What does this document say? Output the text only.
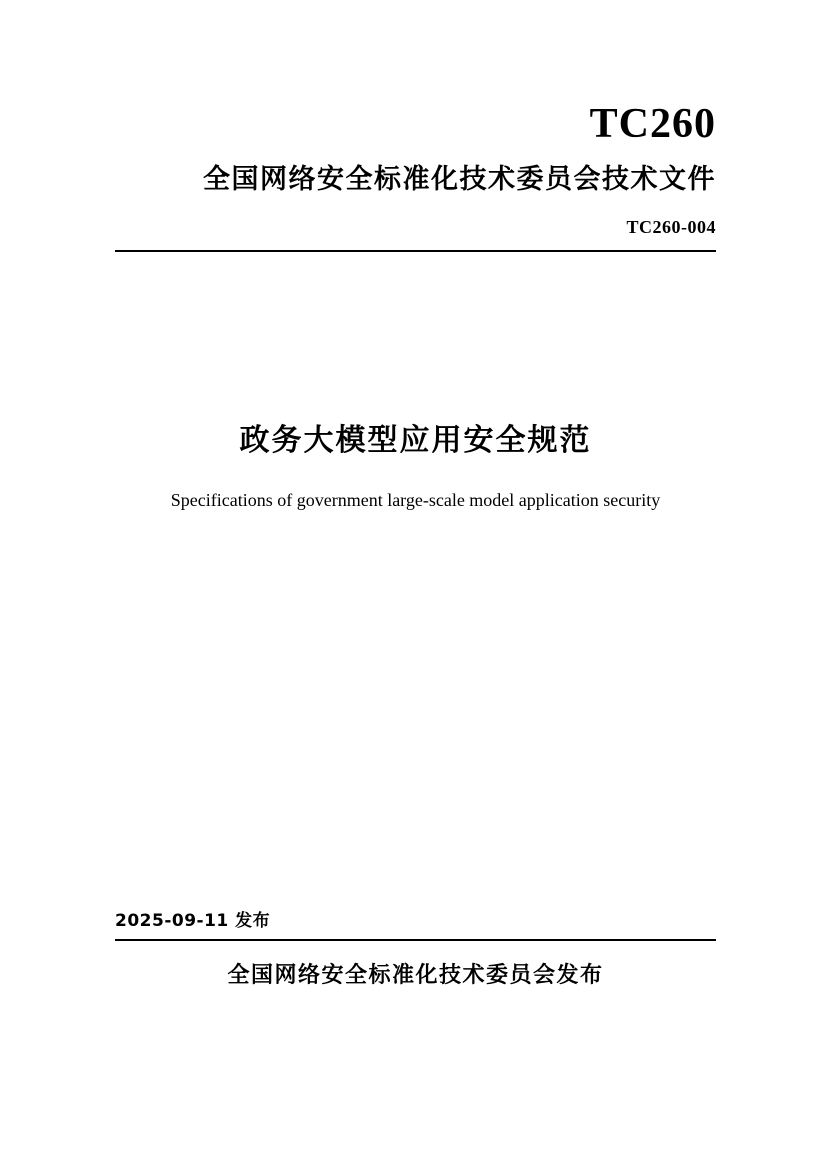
TC260

全国网络安全标准化技术委员会技术文件

TC260-004

政务大模型应用安全规范

Specifications of government large-scale model application security

2025-09-11 发布

全国网络安全标准化技术委员会发布
